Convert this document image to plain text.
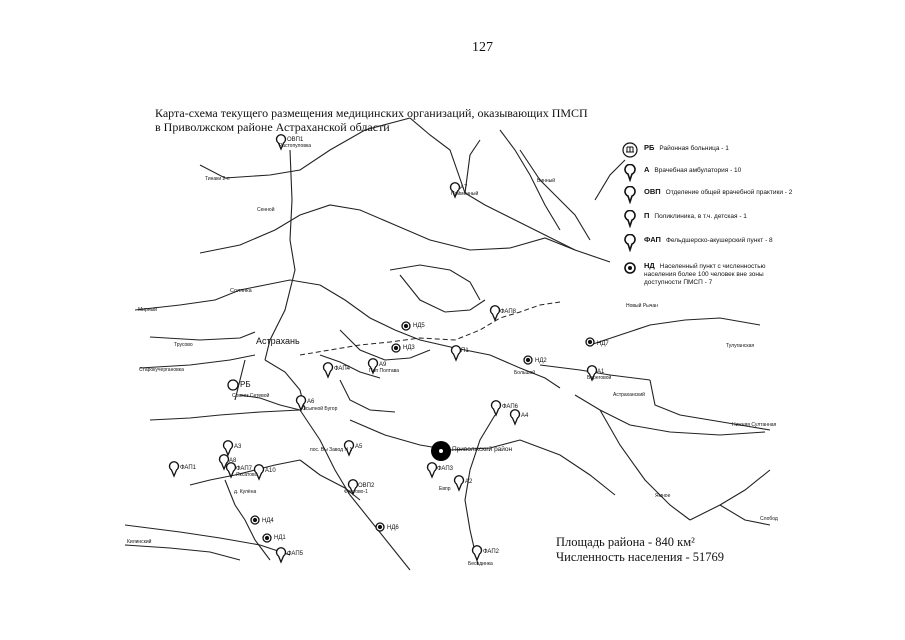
127
Карта-схема текущего размещения медицинских организаций, оказывающих ПМСП в Приволжском районе Астраханской области
ОВП1
А7
ФАП8
НД5
НД3	П1
НД2
НД7
А1
ФАП4
А9
РБ
А6
ФАП6
А4
А3	А5
А8
ФАП1	ФАП7 А10
ОВП2
ФАП3
А2
НД4
НД1
НД6
ФАП5	ФАП2
Астрахань
Приволжский район
Солянка
Трусово
Старокучергановка
Мирный
Тинаки 2-е
Сенной
Винный
Новый Рычан
Тулуганская
Астраханский
Нижняя Султанная
Ямное
д. Кулёна
Слобод
Килинский
Большой
Поп Полтава
Фунтово-1
Яксатово
пос. Вы Завод N 1
Осыпной Бугор
Совхоз Сетевой
Береговой
Растопуловка
Пойменный
Бесединка
Евпр
РБ Районная больница - 1
А Врачебная амбулатория - 10
ОВП Отделение общей врачебной практики - 2
П Поликлиника, в т.ч. детская - 1
ФАП Фельдшерско-акушерский пункт - 8
НД Населенный пункт с численностью населения более 100 человек вне зоны доступности ПМСП - 7
Площадь района - 840 км²
Численность населения - 51769
